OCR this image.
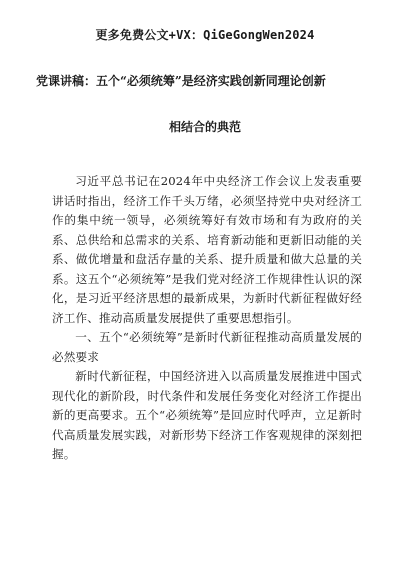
更多免费公文+VX：QiGeGongWen2024
党课讲稿：五个“必须统筹”是经济实践创新同理论创新
相结合的典范

习近平总书记在2024年中央经济工作会议上发表重要讲话时指出，经济工作千头万绪，必须坚持党中央对经济工作的集中统一领导，必须统筹好有效市场和有为政府的关系、总供给和总需求的关系、培育新动能和更新旧动能的关系、做优增量和盘活存量的关系、提升质量和做大总量的关系。这五个“必须统筹”是我们党对经济工作规律性认识的深化，是习近平经济思想的最新成果，为新时代新征程做好经济工作、推动高质量发展提供了重要思想指引。

一、五个“必须统筹”是新时代新征程推动高质量发展的必然要求

新时代新征程，中国经济进入以高质量发展推进中国式现代化的新阶段，时代条件和发展任务变化对经济工作提出新的更高要求。五个“必须统筹”是回应时代呼声，立足新时代高质量发展实践，对新形势下经济工作客观规律的深刻把握。
